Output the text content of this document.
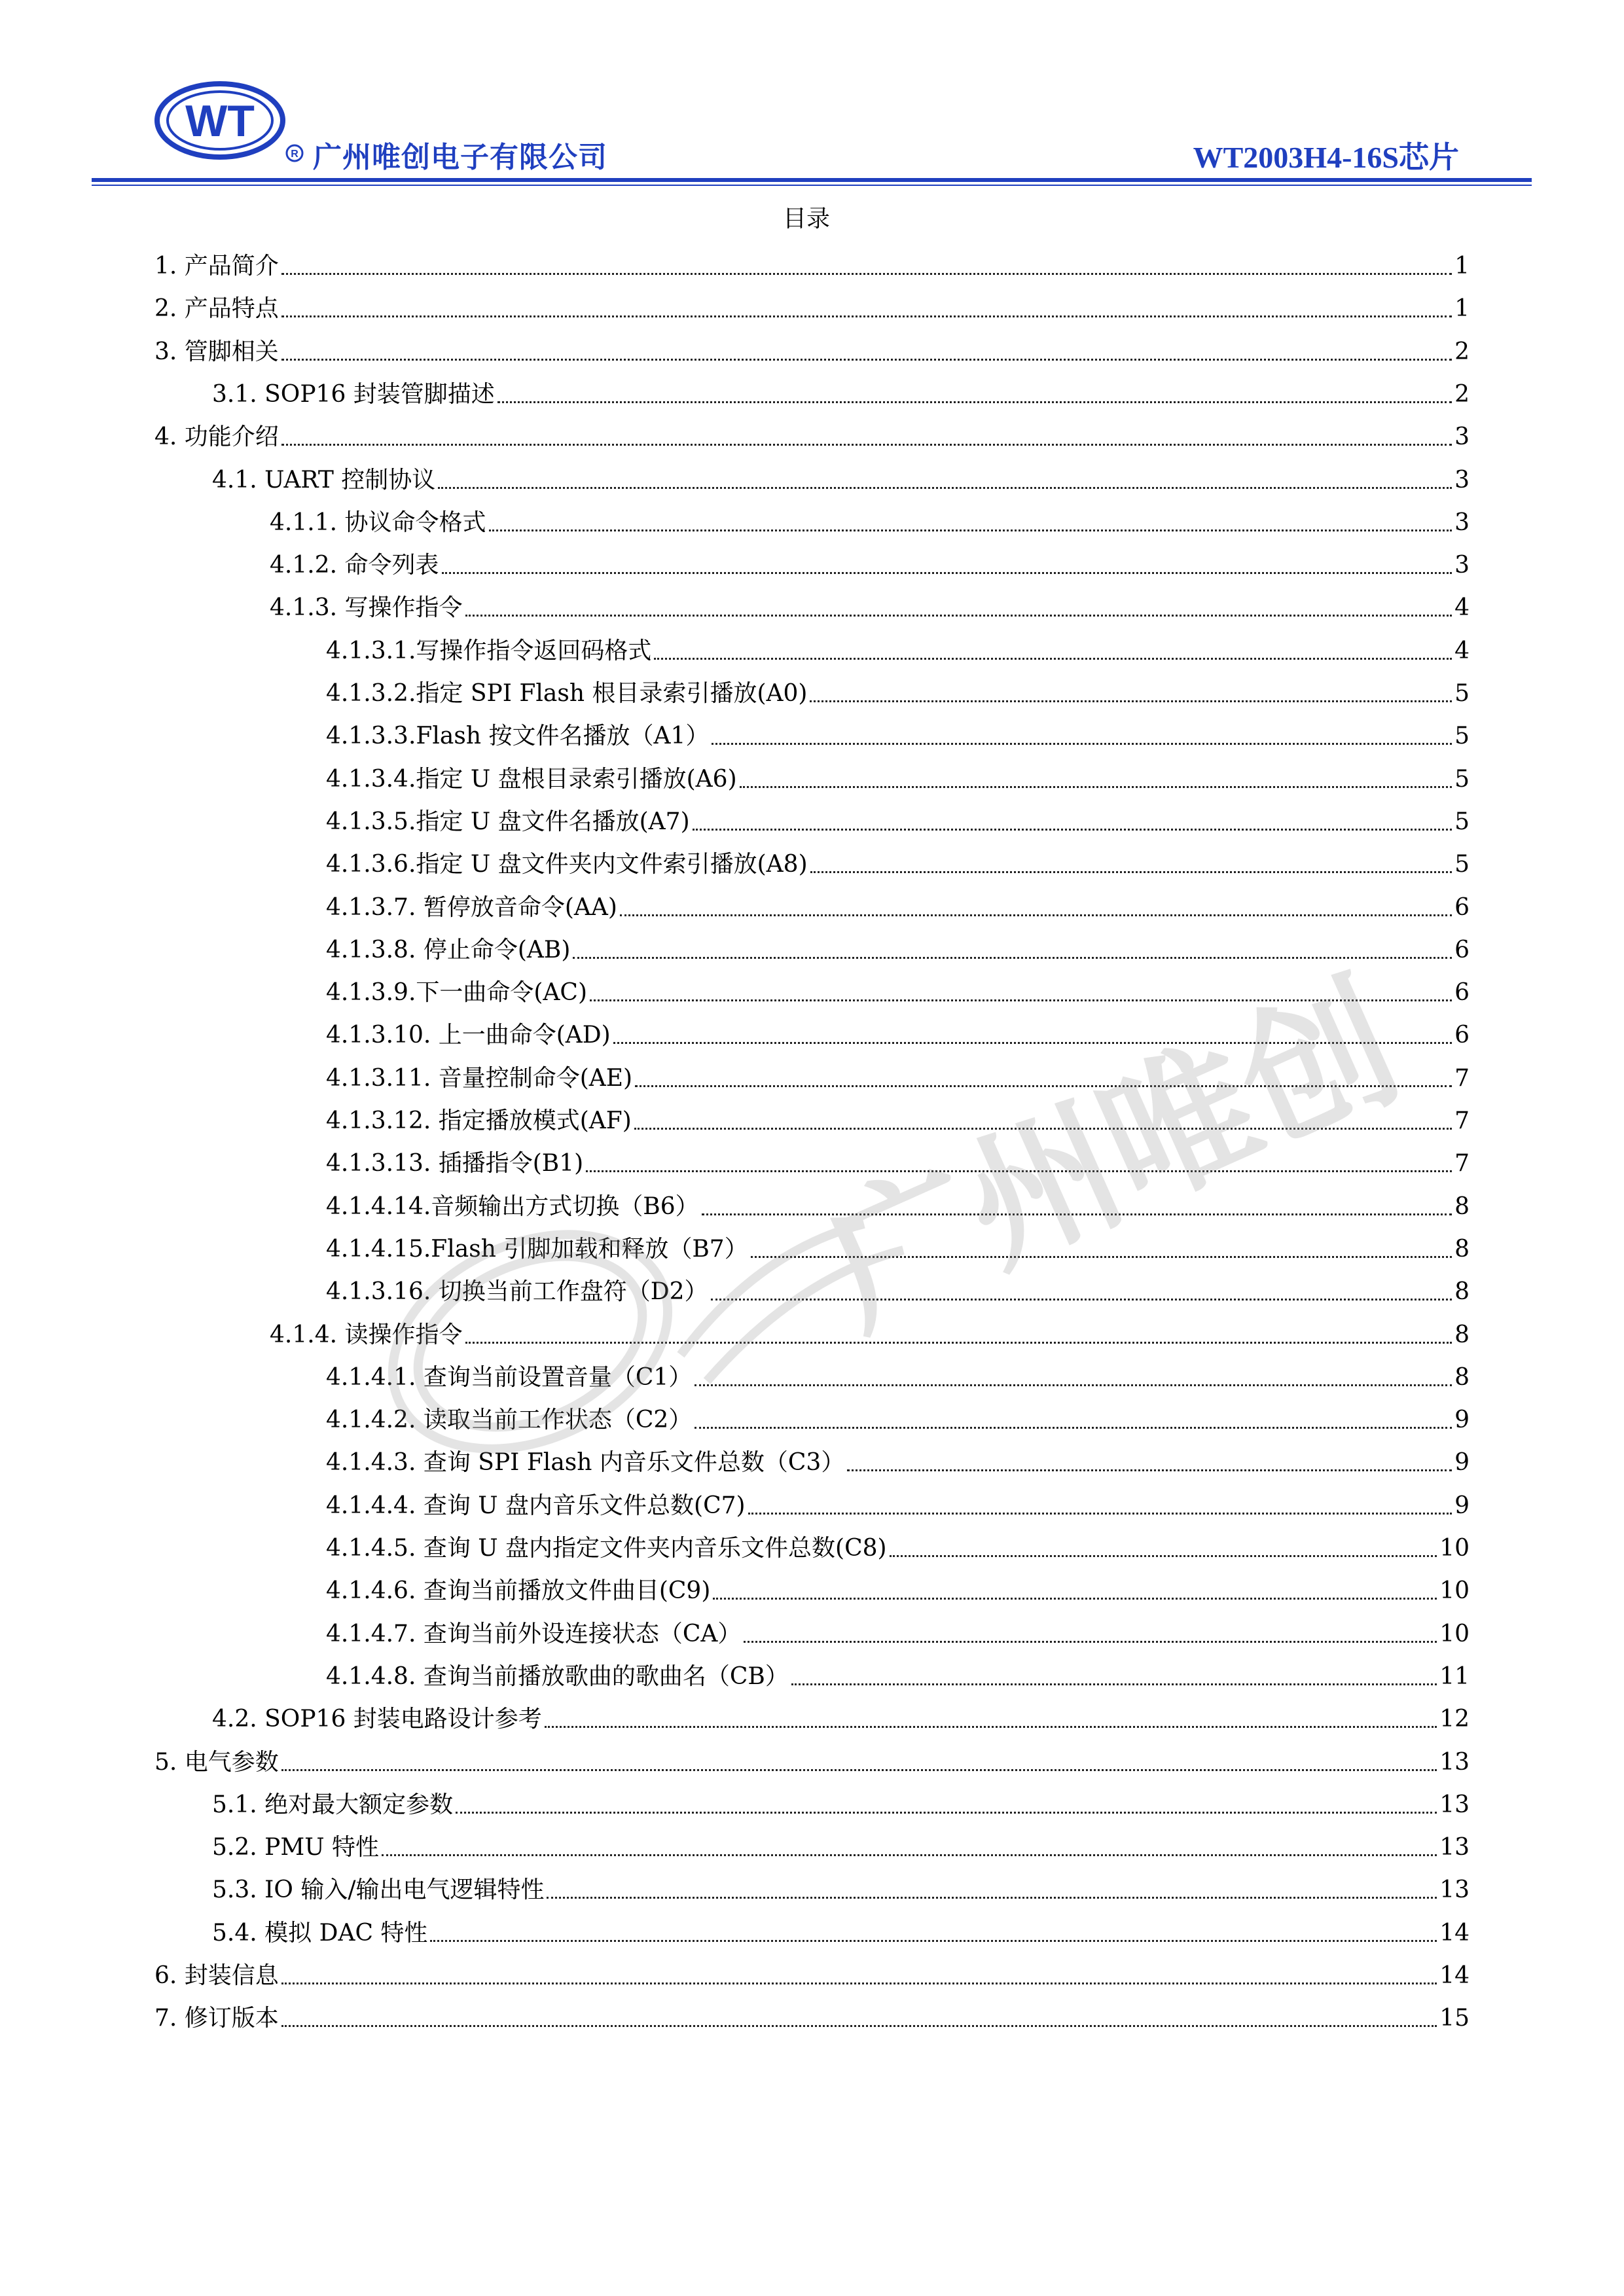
WT
R 广州唯创电子有限公司	WT2003H4-16S芯片
目录
1. 产品简介	1
2. 产品特点	1
3. 管脚相关	2
3.1. SOP16 封装管脚描述	2
4. 功能介绍	3
4.1. UART 控制协议	3
4.1.1. 协议命令格式	3
4.1.2. 命令列表	3
4.1.3. 写操作指令	4
4.1.3.1.写操作指令返回码格式	4
4.1.3.2.指定 SPI Flash 根目录索引播放(A0)	5
4.1.3.3.Flash 按文件名播放（A1）	5
4.1.3.4.指定 U 盘根目录索引播放(A6)	5
4.1.3.5.指定 U 盘文件名播放(A7)	5
4.1.3.6.指定 U 盘文件夹内文件索引播放(A8)	5
4.1.3.7. 暂停放音命令(AA)	6
4.1.3.8. 停止命令(AB)	6
4.1.3.9.下一曲命令(AC)	6
4.1.3.10. 上一曲命令(AD)	6
4.1.3.11. 音量控制命令(AE)	7
4.1.3.12. 指定播放模式(AF)	7
4.1.3.13. 插播指令(B1)	7
4.1.4.14.音频输出方式切换（B6）	8
4.1.4.15.Flash 引脚加载和释放（B7）	8
4.1.3.16. 切换当前工作盘符（D2）	8
4.1.4. 读操作指令	8
4.1.4.1. 查询当前设置音量（C1）	8
4.1.4.2. 读取当前工作状态（C2）	9
4.1.4.3. 查询 SPI Flash 内音乐文件总数（C3）	9
4.1.4.4. 查询 U 盘内音乐文件总数(C7)	9
4.1.4.5. 查询 U 盘内指定文件夹内音乐文件总数(C8)	10
4.1.4.6. 查询当前播放文件曲目(C9)	10
4.1.4.7. 查询当前外设连接状态（CA）	10
4.1.4.8. 查询当前播放歌曲的歌曲名（CB）	11
4.2. SOP16 封装电路设计参考	12
5. 电气参数	13
5.1. 绝对最大额定参数	13
5.2. PMU 特性	13
5.3. IO 输入/输出电气逻辑特性	13
5.4. 模拟 DAC 特性	14
6. 封装信息	14
7. 修订版本	15
广州唯创
